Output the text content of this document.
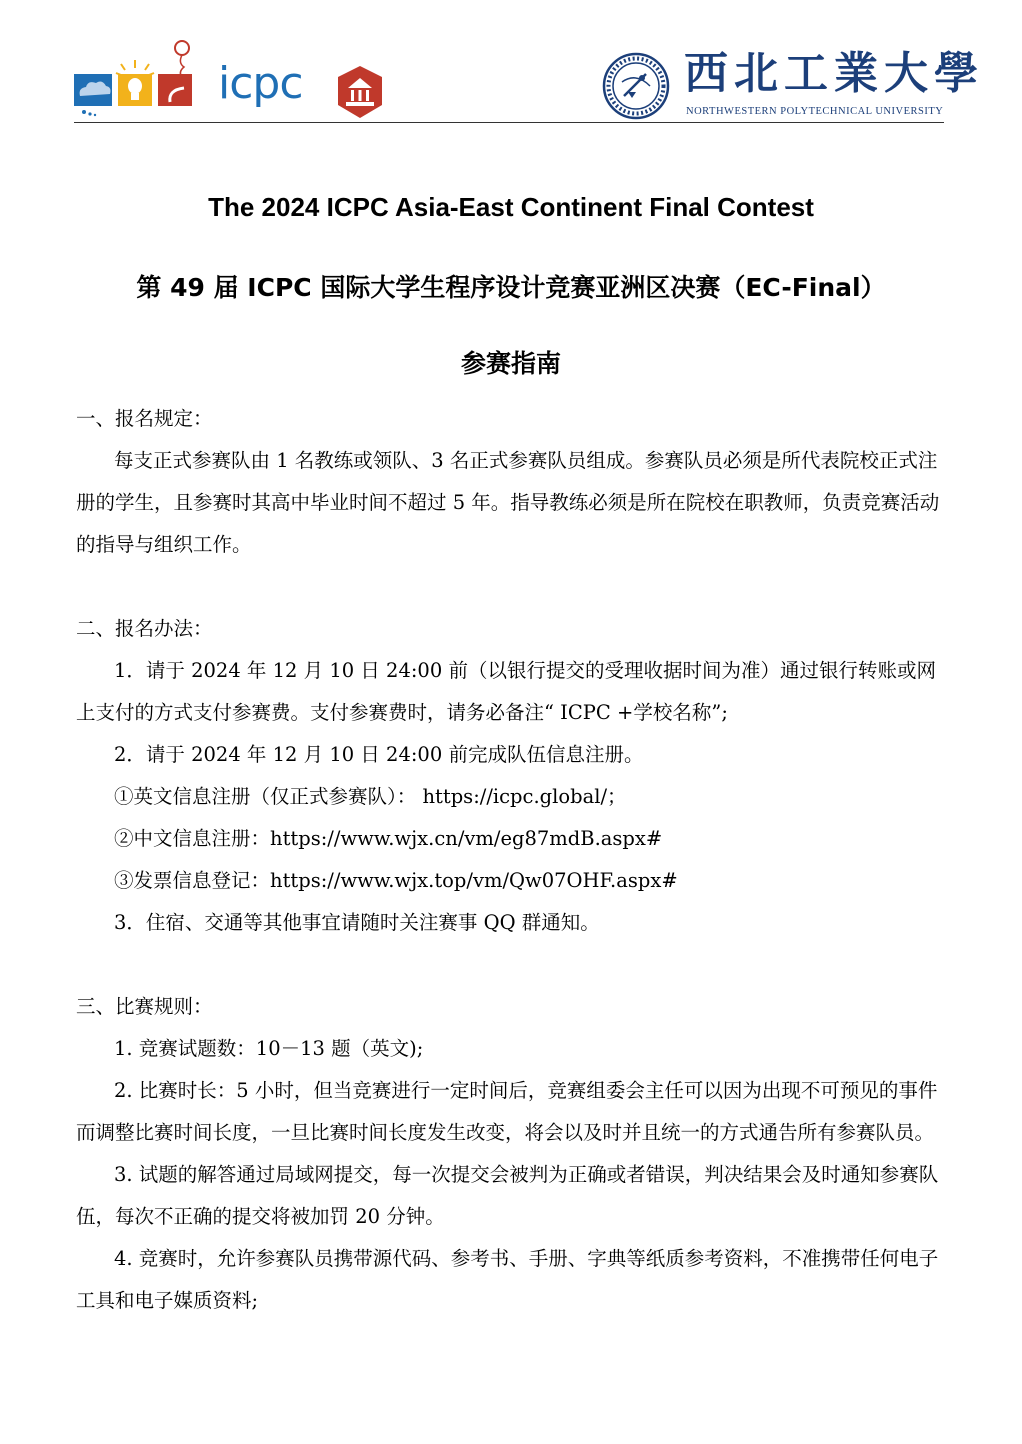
icpc	西北工業大學
NORTHWESTERN POLYTECHNICAL UNIVERSITY
The 2024 ICPC Asia-East Continent Final Contest
第 49 届 ICPC 国际大学生程序设计竞赛亚洲区决赛（EC-Final）
参赛指南

一、报名规定：

每支正式参赛队由 1 名教练或领队、3 名正式参赛队员组成。参赛队员必须是所代表院校正式注册的学生，且参赛时其高中毕业时间不超过 5 年。指导教练必须是所在院校在职教师，负责竞赛活动的指导与组织工作。

二、报名办法：

1．请于 2024 年 12 月 10 日 24:00 前（以银行提交的受理收据时间为准）通过银行转账或网上支付的方式支付参赛费。支付参赛费时，请务必备注“ ICPC +学校名称”;

2．请于 2024 年 12 月 10 日 24:00 前完成队伍信息注册。

①英文信息注册（仅正式参赛队）： https://icpc.global/；

②中文信息注册：https://www.wjx.cn/vm/eg87mdB.aspx#

③发票信息登记：https://www.wjx.top/vm/Qw07OHF.aspx#

3．住宿、交通等其他事宜请随时关注赛事 QQ 群通知。

三、比赛规则：

1. 竞赛试题数：10－13 题（英文);

2. 比赛时长：5 小时，但当竞赛进行一定时间后，竞赛组委会主任可以因为出现不可预见的事件而调整比赛时间长度，一旦比赛时间长度发生改变，将会以及时并且统一的方式通告所有参赛队员。

3. 试题的解答通过局域网提交，每一次提交会被判为正确或者错误，判决结果会及时通知参赛队伍，每次不正确的提交将被加罚 20 分钟。

4. 竞赛时，允许参赛队员携带源代码、参考书、手册、字典等纸质参考资料，不准携带任何电子工具和电子媒质资料;
